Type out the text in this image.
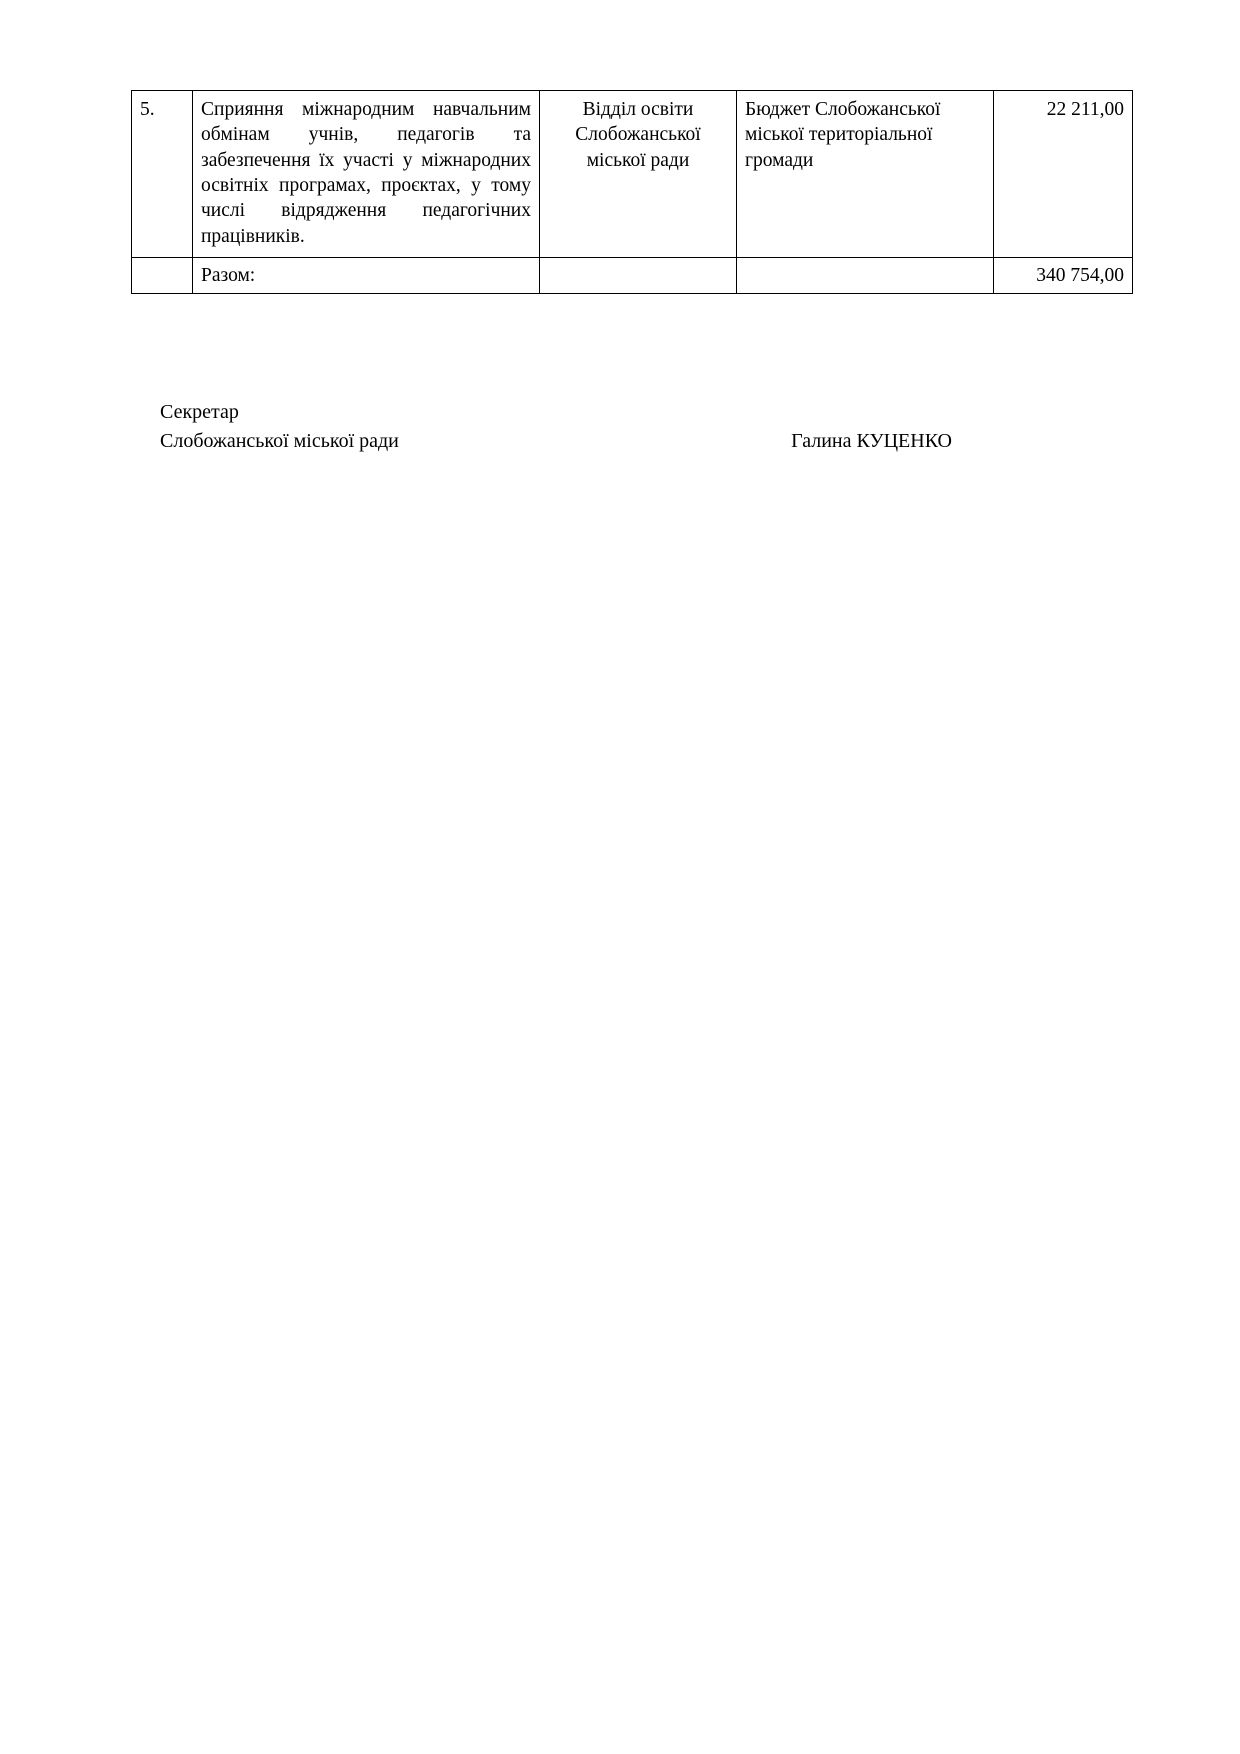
5.	Сприяння міжнародним навчальним обмінам учнів, педагогів та забезпечення їх участі у міжнародних освітніх програмах, проєктах, у тому числі відрядження педагогічних працівників.	Відділ освіти Слобожанської міської ради	Бюджет Слобожанської міської територіальної громади	22 211,00
	Разом:			340 754,00
Секретар
Слобожанської міської ради	Галина КУЦЕНКО
